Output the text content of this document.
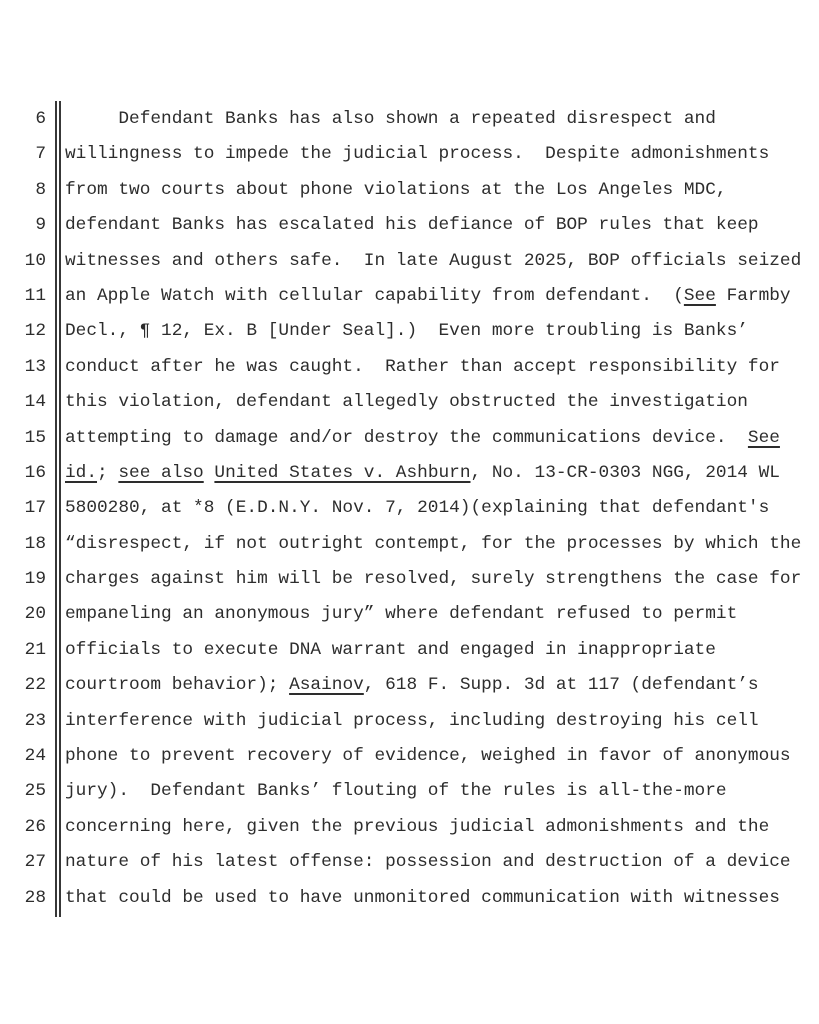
6	Defendant Banks has also shown a repeated disrespect and
7	willingness to impede the judicial process.  Despite admonishments
8	from two courts about phone violations at the Los Angeles MDC,
9	defendant Banks has escalated his defiance of BOP rules that keep
10	witnesses and others safe.  In late August 2025, BOP officials seized
11	an Apple Watch with cellular capability from defendant.  (See Farmby
12	Decl., ¶ 12, Ex. B [Under Seal].)  Even more troubling is Banks’
13	conduct after he was caught.  Rather than accept responsibility for
14	this violation, defendant allegedly obstructed the investigation
15	attempting to damage and/or destroy the communications device.  See
16	id.; see also United States v. Ashburn, No. 13-CR-0303 NGG, 2014 WL
17	5800280, at *8 (E.D.N.Y. Nov. 7, 2014)(explaining that defendant's
18	“disrespect, if not outright contempt, for the processes by which the
19	charges against him will be resolved, surely strengthens the case for
20	empaneling an anonymous jury” where defendant refused to permit
21	officials to execute DNA warrant and engaged in inappropriate
22	courtroom behavior); Asainov, 618 F. Supp. 3d at 117 (defendant’s
23	interference with judicial process, including destroying his cell
24	phone to prevent recovery of evidence, weighed in favor of anonymous
25	jury).  Defendant Banks’ flouting of the rules is all-the-more
26	concerning here, given the previous judicial admonishments and the
27	nature of his latest offense: possession and destruction of a device
28	that could be used to have unmonitored communication with witnesses
